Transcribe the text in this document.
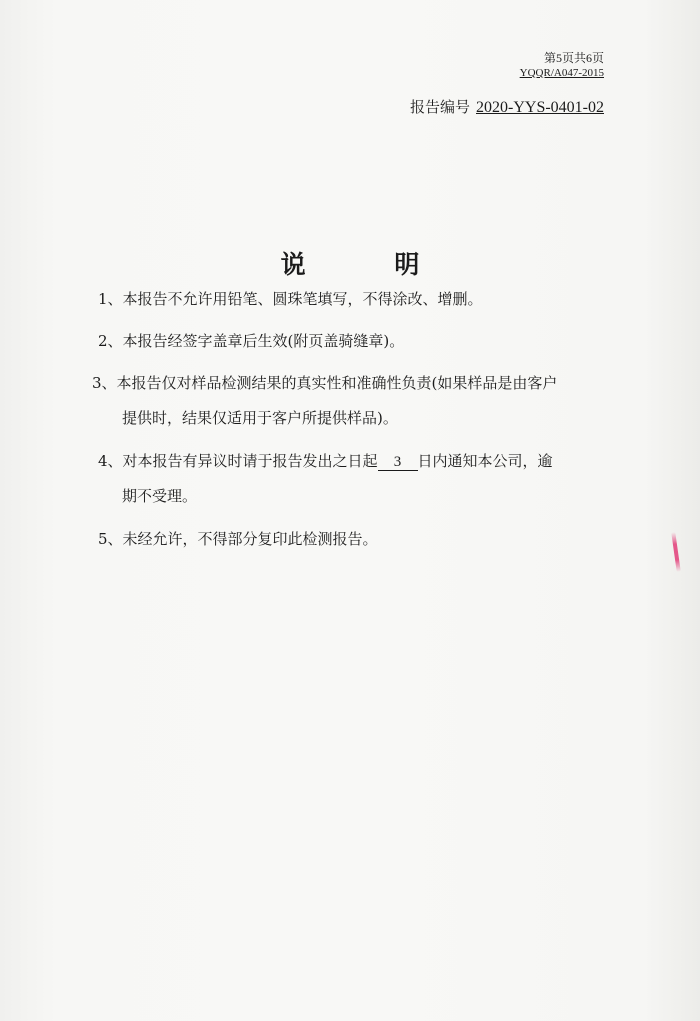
第5页共6页
YQQR/A047-2015
报告编号 2020-YYS-0401-02
说 明
1、本报告不允许用铅笔、圆珠笔填写，不得涂改、增删。
2、本报告经签字盖章后生效(附页盖骑缝章)。
3、本报告仅对样品检测结果的真实性和准确性负责(如果样品是由客户
提供时，结果仅适用于客户所提供样品)。
4、对本报告有异议时请于报告发出之日起 3 日内通知本公司，逾
期不受理。
5、未经允许，不得部分复印此检测报告。
